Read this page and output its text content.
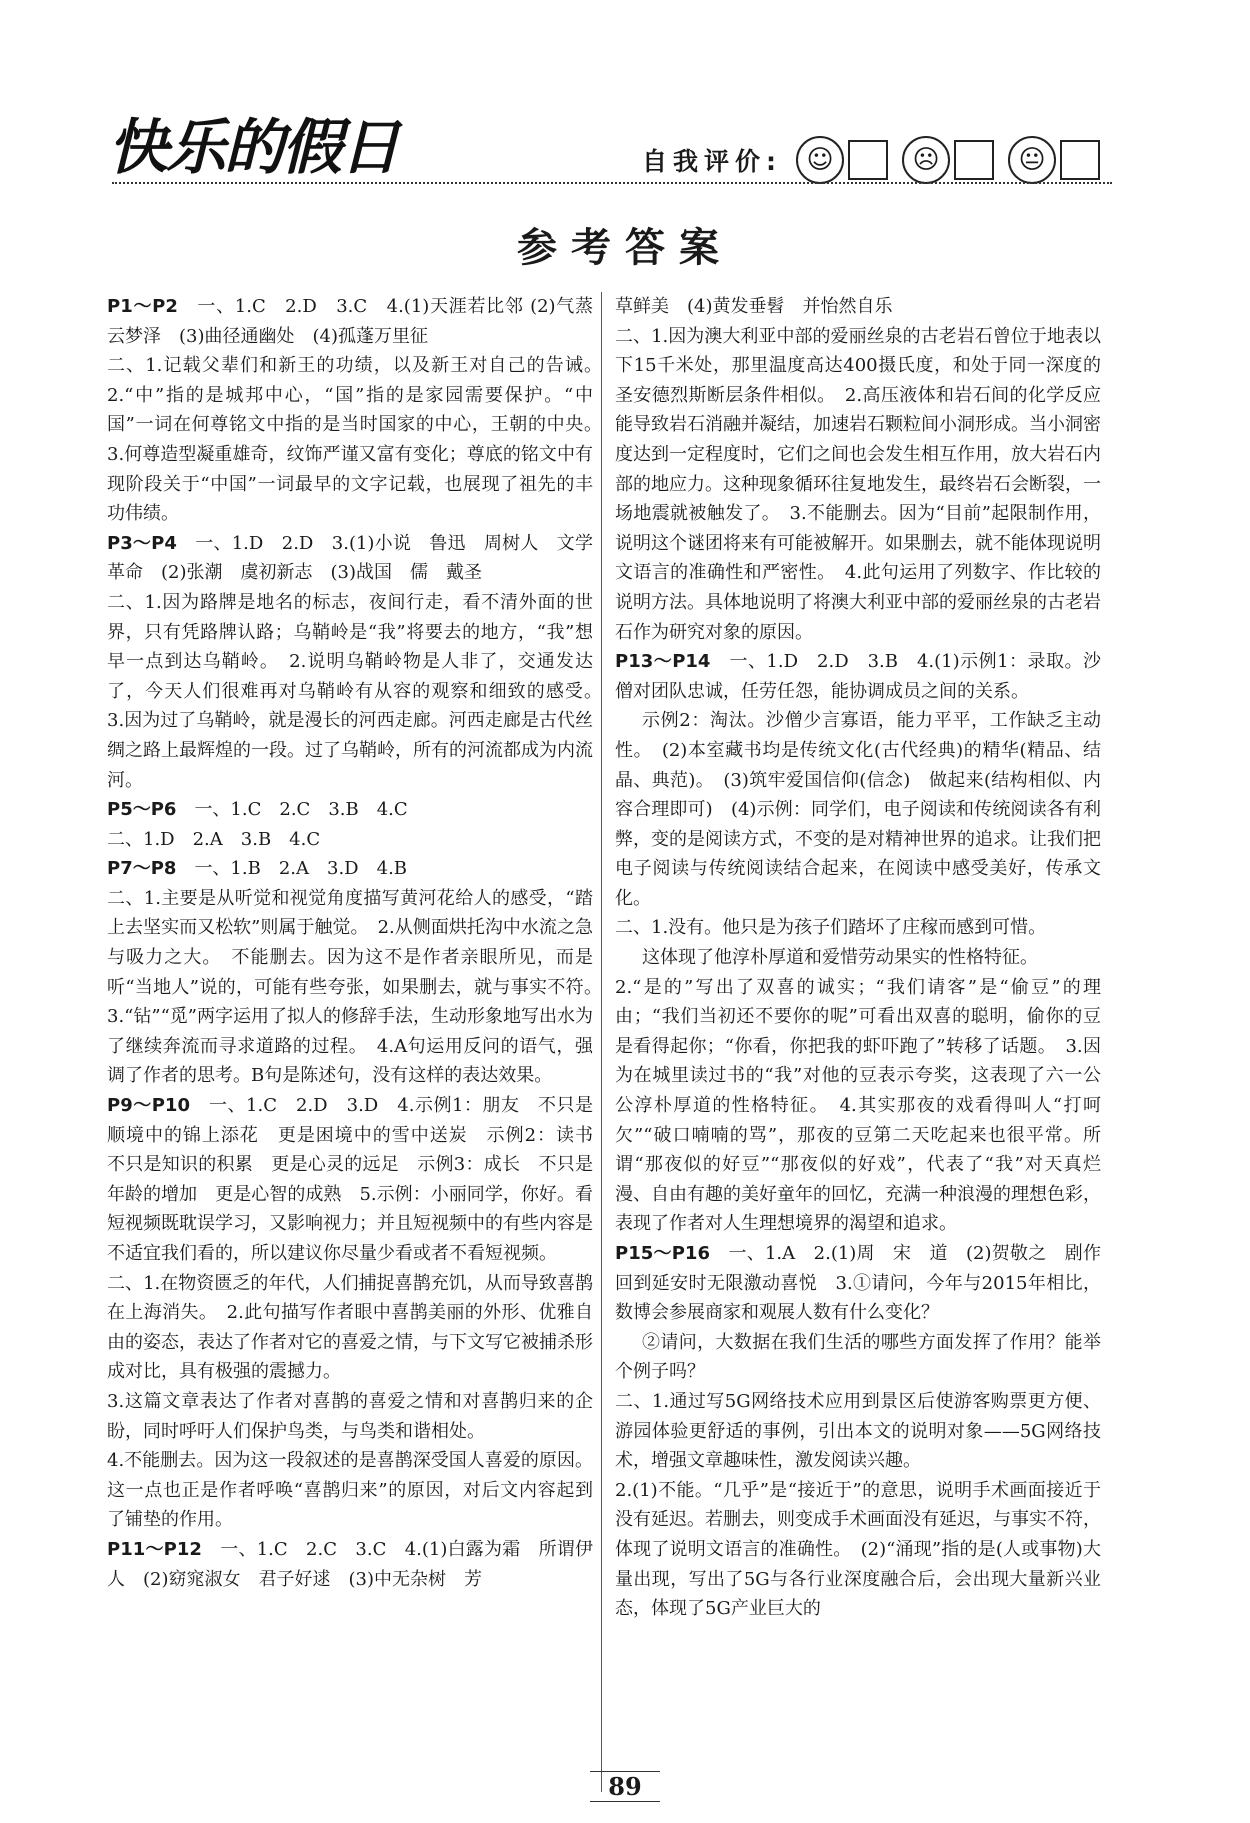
快乐的假日	自我评价: ☺	☹	😐
参考答案

P1～P2　 一、1.C　2.D　3.C　4.(1)天涯若比邻 (2)气蒸云梦泽　(3)曲径通幽处　(4)孤蓬万里征

二、1.记载父辈们和新王的功绩，以及新王对自己的告诫。　2.“中”指的是城邦中心，“国”指的是家园需要保护。“中国”一词在何尊铭文中指的是当时国家的中心，王朝的中央。　3.何尊造型凝重雄奇，纹饰严谨又富有变化；尊底的铭文中有现阶段关于“中国”一词最早的文字记载，也展现了祖先的丰功伟绩。

P3～P4　 一、1.D　2.D　3.(1)小说　鲁迅　周树人　文学　革命　(2)张潮　虞初新志　(3)战国　儒　戴圣

二、1.因为路牌是地名的标志，夜间行走，看不清外面的世界，只有凭路牌认路；乌鞘岭是“我”将要去的地方，“我”想早一点到达乌鞘岭。　2.说明乌鞘岭物是人非了，交通发达了，今天人们很难再对乌鞘岭有从容的观察和细致的感受。　3.因为过了乌鞘岭，就是漫长的河西走廊。河西走廊是古代丝绸之路上最辉煌的一段。过了乌鞘岭，所有的河流都成为内流河。

P5～P6　 一、1.C　2.C　3.B　4.C

二、1.D　2.A　3.B　4.C

P7～P8　 一、1.B　2.A　3.D　4.B

二、1.主要是从听觉和视觉角度描写黄河花给人的感受，“踏上去坚实而又松软”则属于触觉。　2.从侧面烘托沟中水流之急与吸力之大。　不能删去。因为这不是作者亲眼所见，而是听“当地人”说的，可能有些夸张，如果删去，就与事实不符。　3.“钻”“觅”两字运用了拟人的修辞手法，生动形象地写出水为了继续奔流而寻求道路的过程。　4.A句运用反问的语气，强调了作者的思考。B句是陈述句，没有这样的表达效果。

P9～P10　 一、1.C　2.D　3.D　4.示例1：朋友　不只是顺境中的锦上添花　更是困境中的雪中送炭　示例2：读书　不只是知识的积累　更是心灵的远足　示例3：成长　不只是年龄的增加　更是心智的成熟　5.示例：小丽同学，你好。看短视频既耽误学习，又影响视力；并且短视频中的有些内容是不适宜我们看的，所以建议你尽量少看或者不看短视频。

二、1.在物资匮乏的年代，人们捕捉喜鹊充饥，从而导致喜鹊在上海消失。　2.此句描写作者眼中喜鹊美丽的外形、优雅自由的姿态，表达了作者对它的喜爱之情，与下文写它被捕杀形成对比，具有极强的震撼力。

3.这篇文章表达了作者对喜鹊的喜爱之情和对喜鹊归来的企盼，同时呼吁人们保护鸟类，与鸟类和谐相处。

4.不能删去。因为这一段叙述的是喜鹊深受国人喜爱的原因。这一点也正是作者呼唤“喜鹊归来”的原因，对后文内容起到了铺垫的作用。

P11～P12　 一、1.C　2.C　3.C　4.(1)白露为霜　所谓伊人　(2)窈窕淑女　君子好逑　(3)中无杂树　芳

草鲜美　(4)黄发垂髫　并怡然自乐

二、1.因为澳大利亚中部的爱丽丝泉的古老岩石曾位于地表以下15千米处，那里温度高达400摄氏度，和处于同一深度的圣安德烈斯断层条件相似。　2.高压液体和岩石间的化学反应能导致岩石消融并凝结，加速岩石颗粒间小洞形成。当小洞密度达到一定程度时，它们之间也会发生相互作用，放大岩石内部的地应力。这种现象循环往复地发生，最终岩石会断裂，一场地震就被触发了。　3.不能删去。因为“目前”起限制作用，说明这个谜团将来有可能被解开。如果删去，就不能体现说明文语言的准确性和严密性。　4.此句运用了列数字、作比较的说明方法。具体地说明了将澳大利亚中部的爱丽丝泉的古老岩石作为研究对象的原因。

P13～P14　 一、1.D　2.D　3.B　4.(1)示例1：录取。沙僧对团队忠诚，任劳任怨，能协调成员之间的关系。

示例2：淘汰。沙僧少言寡语，能力平平，工作缺乏主动性。　(2)本室藏书均是传统文化(古代经典)的精华(精品、结晶、典范)。　(3)筑牢爱国信仰(信念)　做起来(结构相似、内容合理即可)　(4)示例：同学们，电子阅读和传统阅读各有利弊，变的是阅读方式，不变的是对精神世界的追求。让我们把电子阅读与传统阅读结合起来，在阅读中感受美好，传承文化。

二、1.没有。他只是为孩子们踏坏了庄稼而感到可惜。

这体现了他淳朴厚道和爱惜劳动果实的性格特征。

2.“是的”写出了双喜的诚实；“我们请客”是“偷豆”的理由；“我们当初还不要你的呢”可看出双喜的聪明，偷你的豆是看得起你；“你看，你把我的虾吓跑了”转移了话题。　3.因为在城里读过书的“我”对他的豆表示夸奖，这表现了六一公公淳朴厚道的性格特征。　4.其实那夜的戏看得叫人“打呵欠”“破口喃喃的骂”，那夜的豆第二天吃起来也很平常。所谓“那夜似的好豆”“那夜似的好戏”，代表了“我”对天真烂漫、自由有趣的美好童年的回忆，充满一种浪漫的理想色彩，表现了作者对人生理想境界的渴望和追求。

P15～P16　 一、1.A　2.(1)周　宋　道　(2)贺敬之　剧作　回到延安时无限激动喜悦　3.①请问，今年与2015年相比，数博会参展商家和观展人数有什么变化？

②请问，大数据在我们生活的哪些方面发挥了作用？能举个例子吗？

二、1.通过写5G网络技术应用到景区后使游客购票更方便、游园体验更舒适的事例，引出本文的说明对象——5G网络技术，增强文章趣味性，激发阅读兴趣。

2.(1)不能。“几乎”是“接近于”的意思，说明手术画面接近于没有延迟。若删去，则变成手术画面没有延迟，与事实不符，体现了说明文语言的准确性。　(2)“涌现”指的是(人或事物)大量出现，写出了5G与各行业深度融合后，会出现大量新兴业态，体现了5G产业巨大的

89
